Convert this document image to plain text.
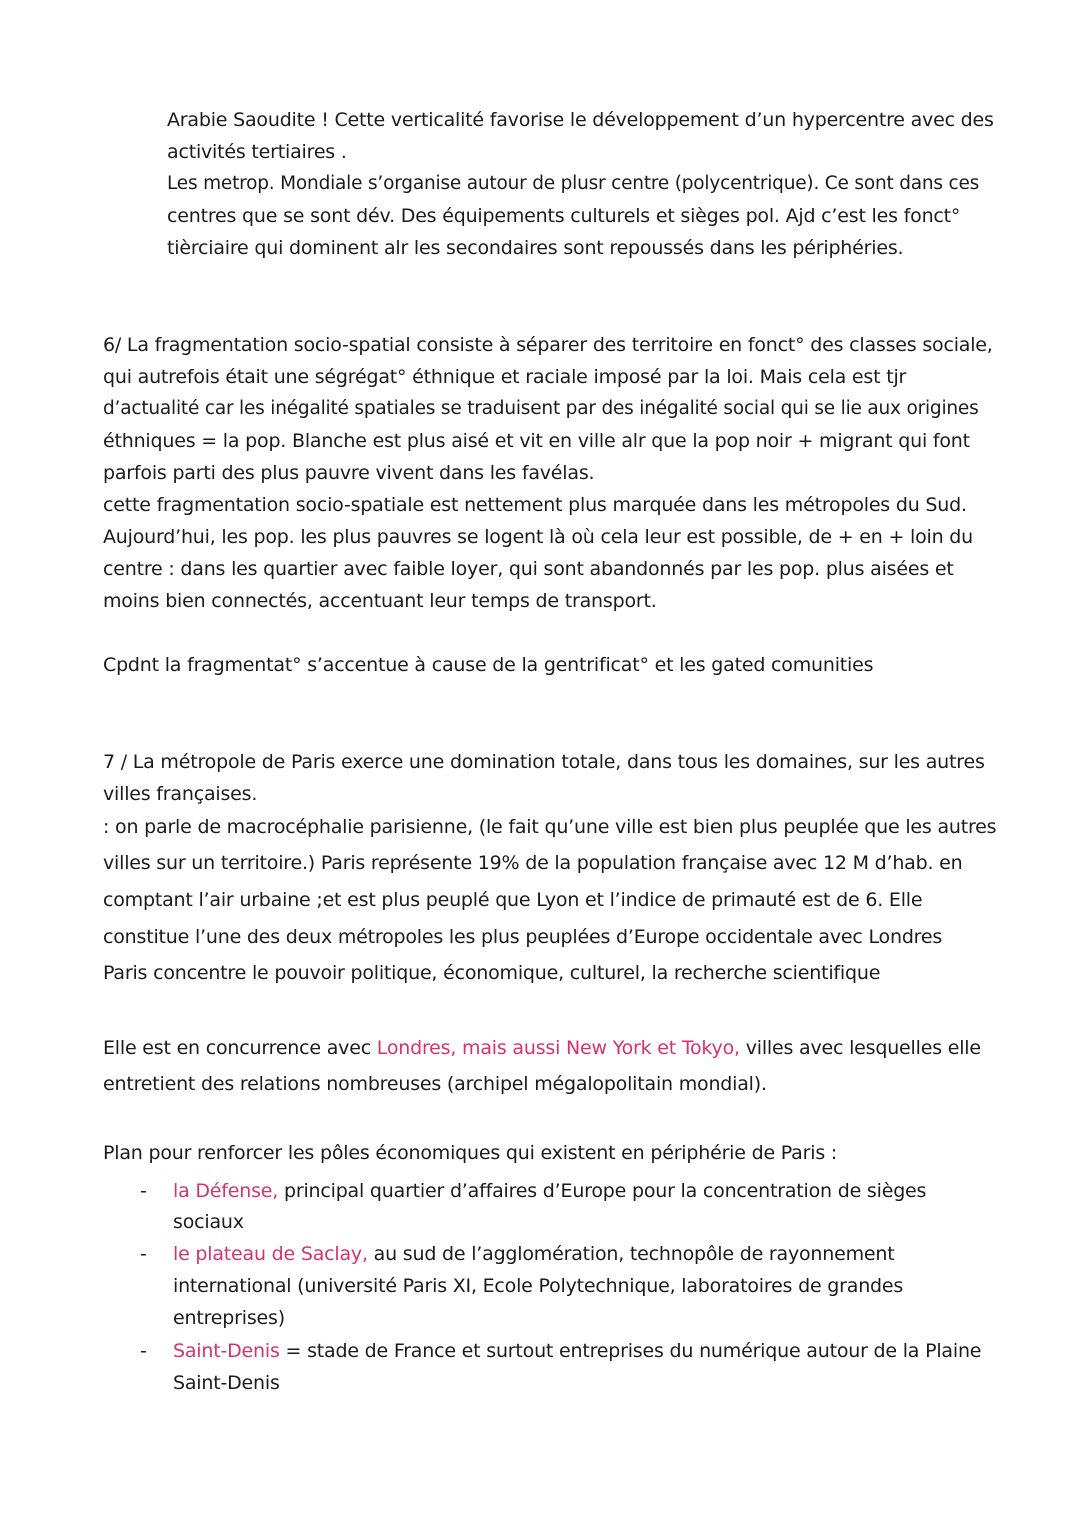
Arabie Saoudite ! Cette verticalité favorise le développement d’un hypercentre avec des
activités tertiaires .
Les metrop. Mondiale s’organise autour de plusr centre (polycentrique). Ce sont dans ces
centres que se sont dév. Des équipements culturels et sièges pol. Ajd c’est les fonct°
tièrciaire qui dominent alr les secondaires sont repoussés dans les périphéries.
6/ La fragmentation socio-spatial consiste à séparer des territoire en fonct° des classes sociale,
qui autrefois était une ségrégat° éthnique et raciale imposé par la loi. Mais cela est tjr
d’actualité car les inégalité spatiales se traduisent par des inégalité social qui se lie aux origines
éthniques = la pop. Blanche est plus aisé et vit en ville alr que la pop noir + migrant qui font
parfois parti des plus pauvre vivent dans les favélas.
cette fragmentation socio-spatiale est nettement plus marquée dans les métropoles du Sud.
Aujourd’hui, les pop. les plus pauvres se logent là où cela leur est possible, de + en + loin du
centre : dans les quartier avec faible loyer, qui sont abandonnés par les pop. plus aisées et
moins bien connectés, accentuant leur temps de transport.
Cpdnt la fragmentat° s’accentue à cause de la gentrificat° et les gated comunities
7 / La métropole de Paris exerce une domination totale, dans tous les domaines, sur les autres
villes françaises.
: on parle de macrocéphalie parisienne, (le fait qu’une ville est bien plus peuplée que les autres
villes sur un territoire.) Paris représente 19% de la population française avec 12 M d’hab. en
comptant l’air urbaine ;et est plus peuplé que Lyon et l’indice de primauté est de 6. Elle
constitue l’une des deux métropoles les plus peuplées d’Europe occidentale avec Londres
Paris concentre le pouvoir politique, économique, culturel, la recherche scientifique
Elle est en concurrence avec Londres, mais aussi New York et Tokyo, villes avec lesquelles elle
entretient des relations nombreuses (archipel mégalopolitain mondial).
Plan pour renforcer les pôles économiques qui existent en périphérie de Paris :
- la Défense, principal quartier d’affaires d’Europe pour la concentration de sièges
sociaux
- le plateau de Saclay, au sud de l’agglomération, technopôle de rayonnement
international (université Paris XI, Ecole Polytechnique, laboratoires de grandes
entreprises)
- Saint-Denis = stade de France et surtout entreprises du numérique autour de la Plaine
Saint-Denis
